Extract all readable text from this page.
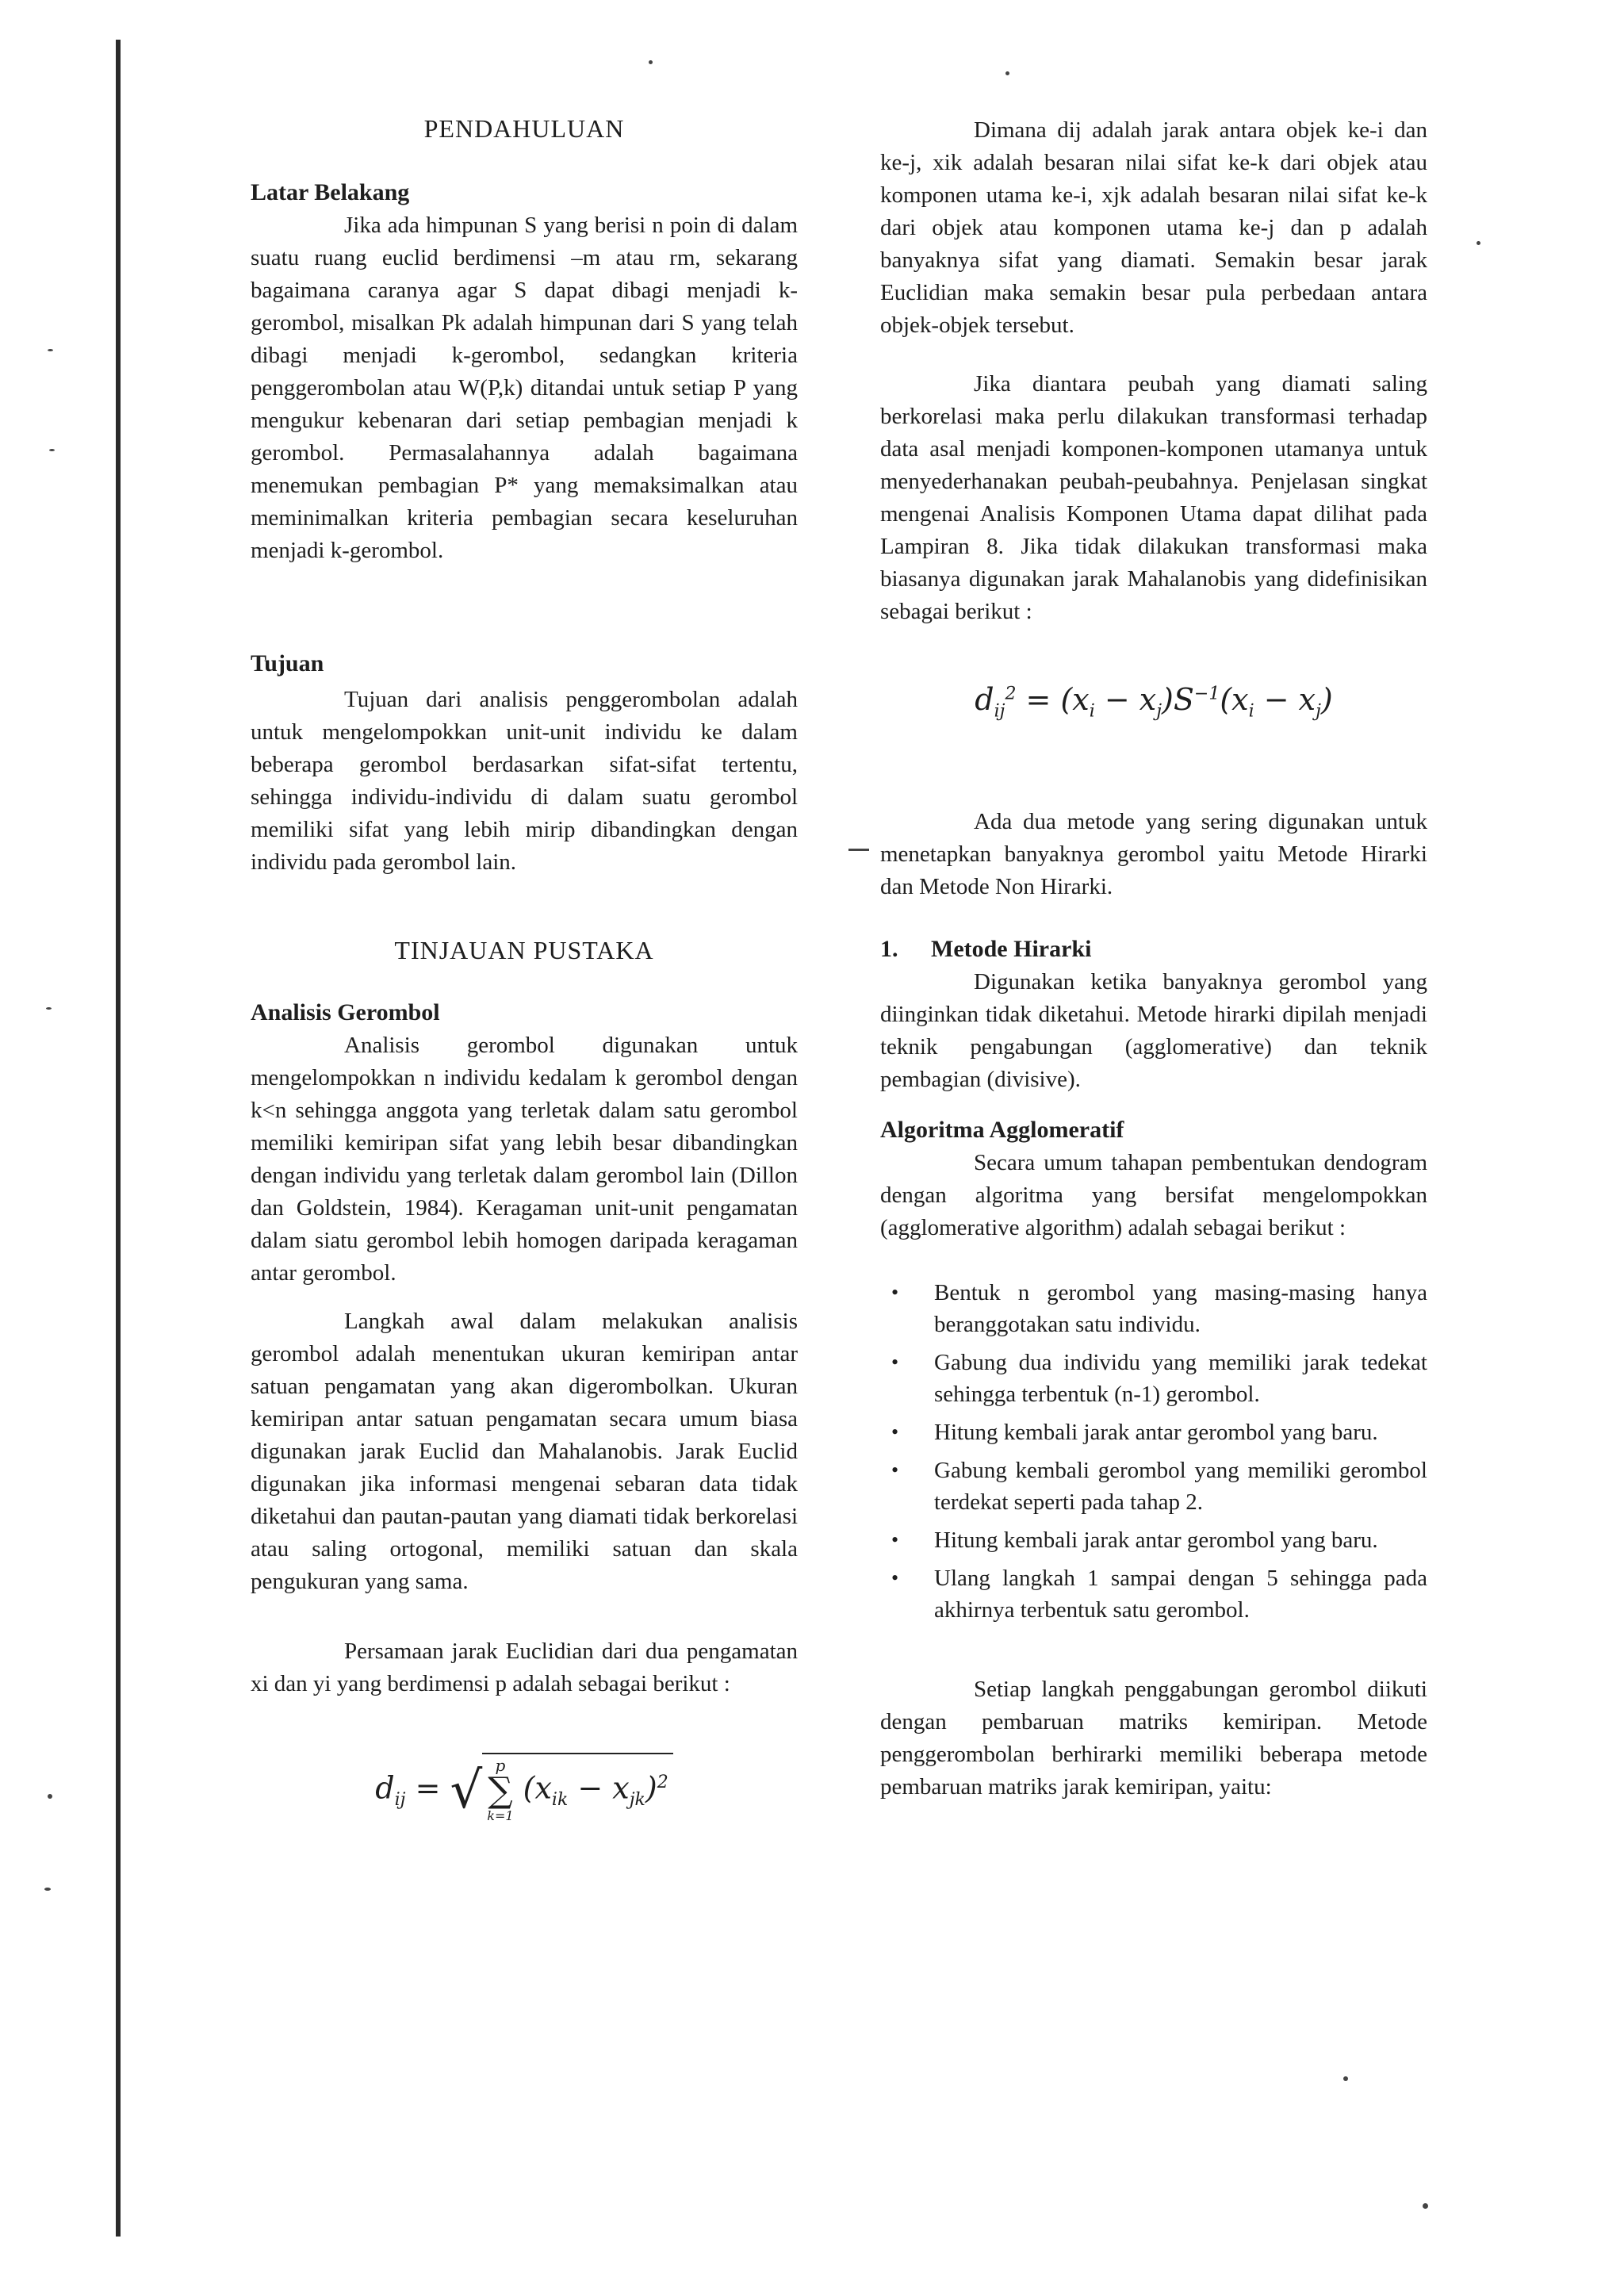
PENDAHULUAN
Latar Belakang

Jika ada himpunan S yang berisi n poin di dalam suatu ruang euclid berdimensi –m atau rm, sekarang bagaimana caranya agar S dapat dibagi menjadi k-gerombol, misalkan Pk adalah himpunan dari S yang telah dibagi menjadi k-gerombol, sedangkan kriteria penggerombolan atau W(P,k) ditandai untuk setiap P yang mengukur kebenaran dari setiap pembagian menjadi k gerombol. Permasalahannya adalah bagaimana menemukan pembagian P* yang memaksimalkan atau meminimalkan kriteria pembagian secara keseluruhan menjadi k-gerombol.

Tujuan

Tujuan dari analisis penggerombolan adalah untuk mengelompokkan unit-unit individu ke dalam beberapa gerombol berdasarkan sifat-sifat tertentu, sehingga individu-individu di dalam suatu gerombol memiliki sifat yang lebih mirip dibandingkan dengan individu pada gerombol lain.

TINJAUAN PUSTAKA
Analisis Gerombol

Analisis gerombol digunakan untuk mengelompokkan n individu kedalam k gerombol dengan k<n sehingga anggota yang terletak dalam satu gerombol memiliki kemiripan sifat yang lebih besar dibandingkan dengan individu yang terletak dalam gerombol lain (Dillon dan Goldstein, 1984). Keragaman unit-unit pengamatan dalam siatu gerombol lebih homogen daripada keragaman antar gerombol.

Langkah awal dalam melakukan analisis gerombol adalah menentukan ukuran kemiripan antar satuan pengamatan yang akan digerombolkan. Ukuran kemiripan antar satuan pengamatan secara umum biasa digunakan jarak Euclid dan Mahalanobis. Jarak Euclid digunakan jika informasi mengenai sebaran data tidak diketahui dan pautan-pautan yang diamati tidak berkorelasi atau saling ortogonal, memiliki satuan dan skala pengukuran yang sama.

Persamaan jarak Euclidian dari dua pengamatan xi dan yi yang berdimensi p adalah sebagai berikut :

$d_{ij}$ = √ p
∑
k=1
$(x_{ik} - x_{jk})^2$

Dimana dij adalah jarak antara objek ke-i dan ke-j, xik adalah besaran nilai sifat ke-k dari objek atau komponen utama ke-i, xjk adalah besaran nilai sifat ke-k dari objek atau komponen utama ke-j dan p adalah banyaknya sifat yang diamati. Semakin besar jarak Euclidian maka semakin besar pula perbedaan antara objek-objek tersebut.

Jika diantara peubah yang diamati saling berkorelasi maka perlu dilakukan transformasi terhadap data asal menjadi komponen-komponen utamanya untuk menyederhanakan peubah-peubahnya. Penjelasan singkat mengenai Analisis Komponen Utama dapat dilihat pada Lampiran 8. Jika tidak dilakukan transformasi maka biasanya digunakan jarak Mahalanobis yang didefinisikan sebagai berikut :

$d_{ij}^2 = (x_i - x_j)S^{-1}(x_i - x_j)$

Ada dua metode yang sering digunakan untuk menetapkan banyaknya gerombol yaitu Metode Hirarki dan Metode Non Hirarki.

1. Metode Hirarki

Digunakan ketika banyaknya gerombol yang diinginkan tidak diketahui. Metode hirarki dipilah menjadi teknik pengabungan (agglomerative) dan teknik pembagian (divisive).

Algoritma Agglomeratif

Secara umum tahapan pembentukan dendogram dengan algoritma yang bersifat mengelompokkan (agglomerative algorithm) adalah sebagai berikut :

• Bentuk n gerombol yang masing-masing hanya beranggotakan satu individu.
• Gabung dua individu yang memiliki jarak tedekat sehingga terbentuk (n-1) gerombol.
• Hitung kembali jarak antar gerombol yang baru.
• Gabung kembali gerombol yang memiliki gerombol terdekat seperti pada tahap 2.
• Hitung kembali jarak antar gerombol yang baru.
• Ulang langkah 1 sampai dengan 5 sehingga pada akhirnya terbentuk satu gerombol.

Setiap langkah penggabungan gerombol diikuti dengan pembaruan matriks kemiripan. Metode penggerombolan berhirarki memiliki beberapa metode pembaruan matriks jarak kemiripan, yaitu:
